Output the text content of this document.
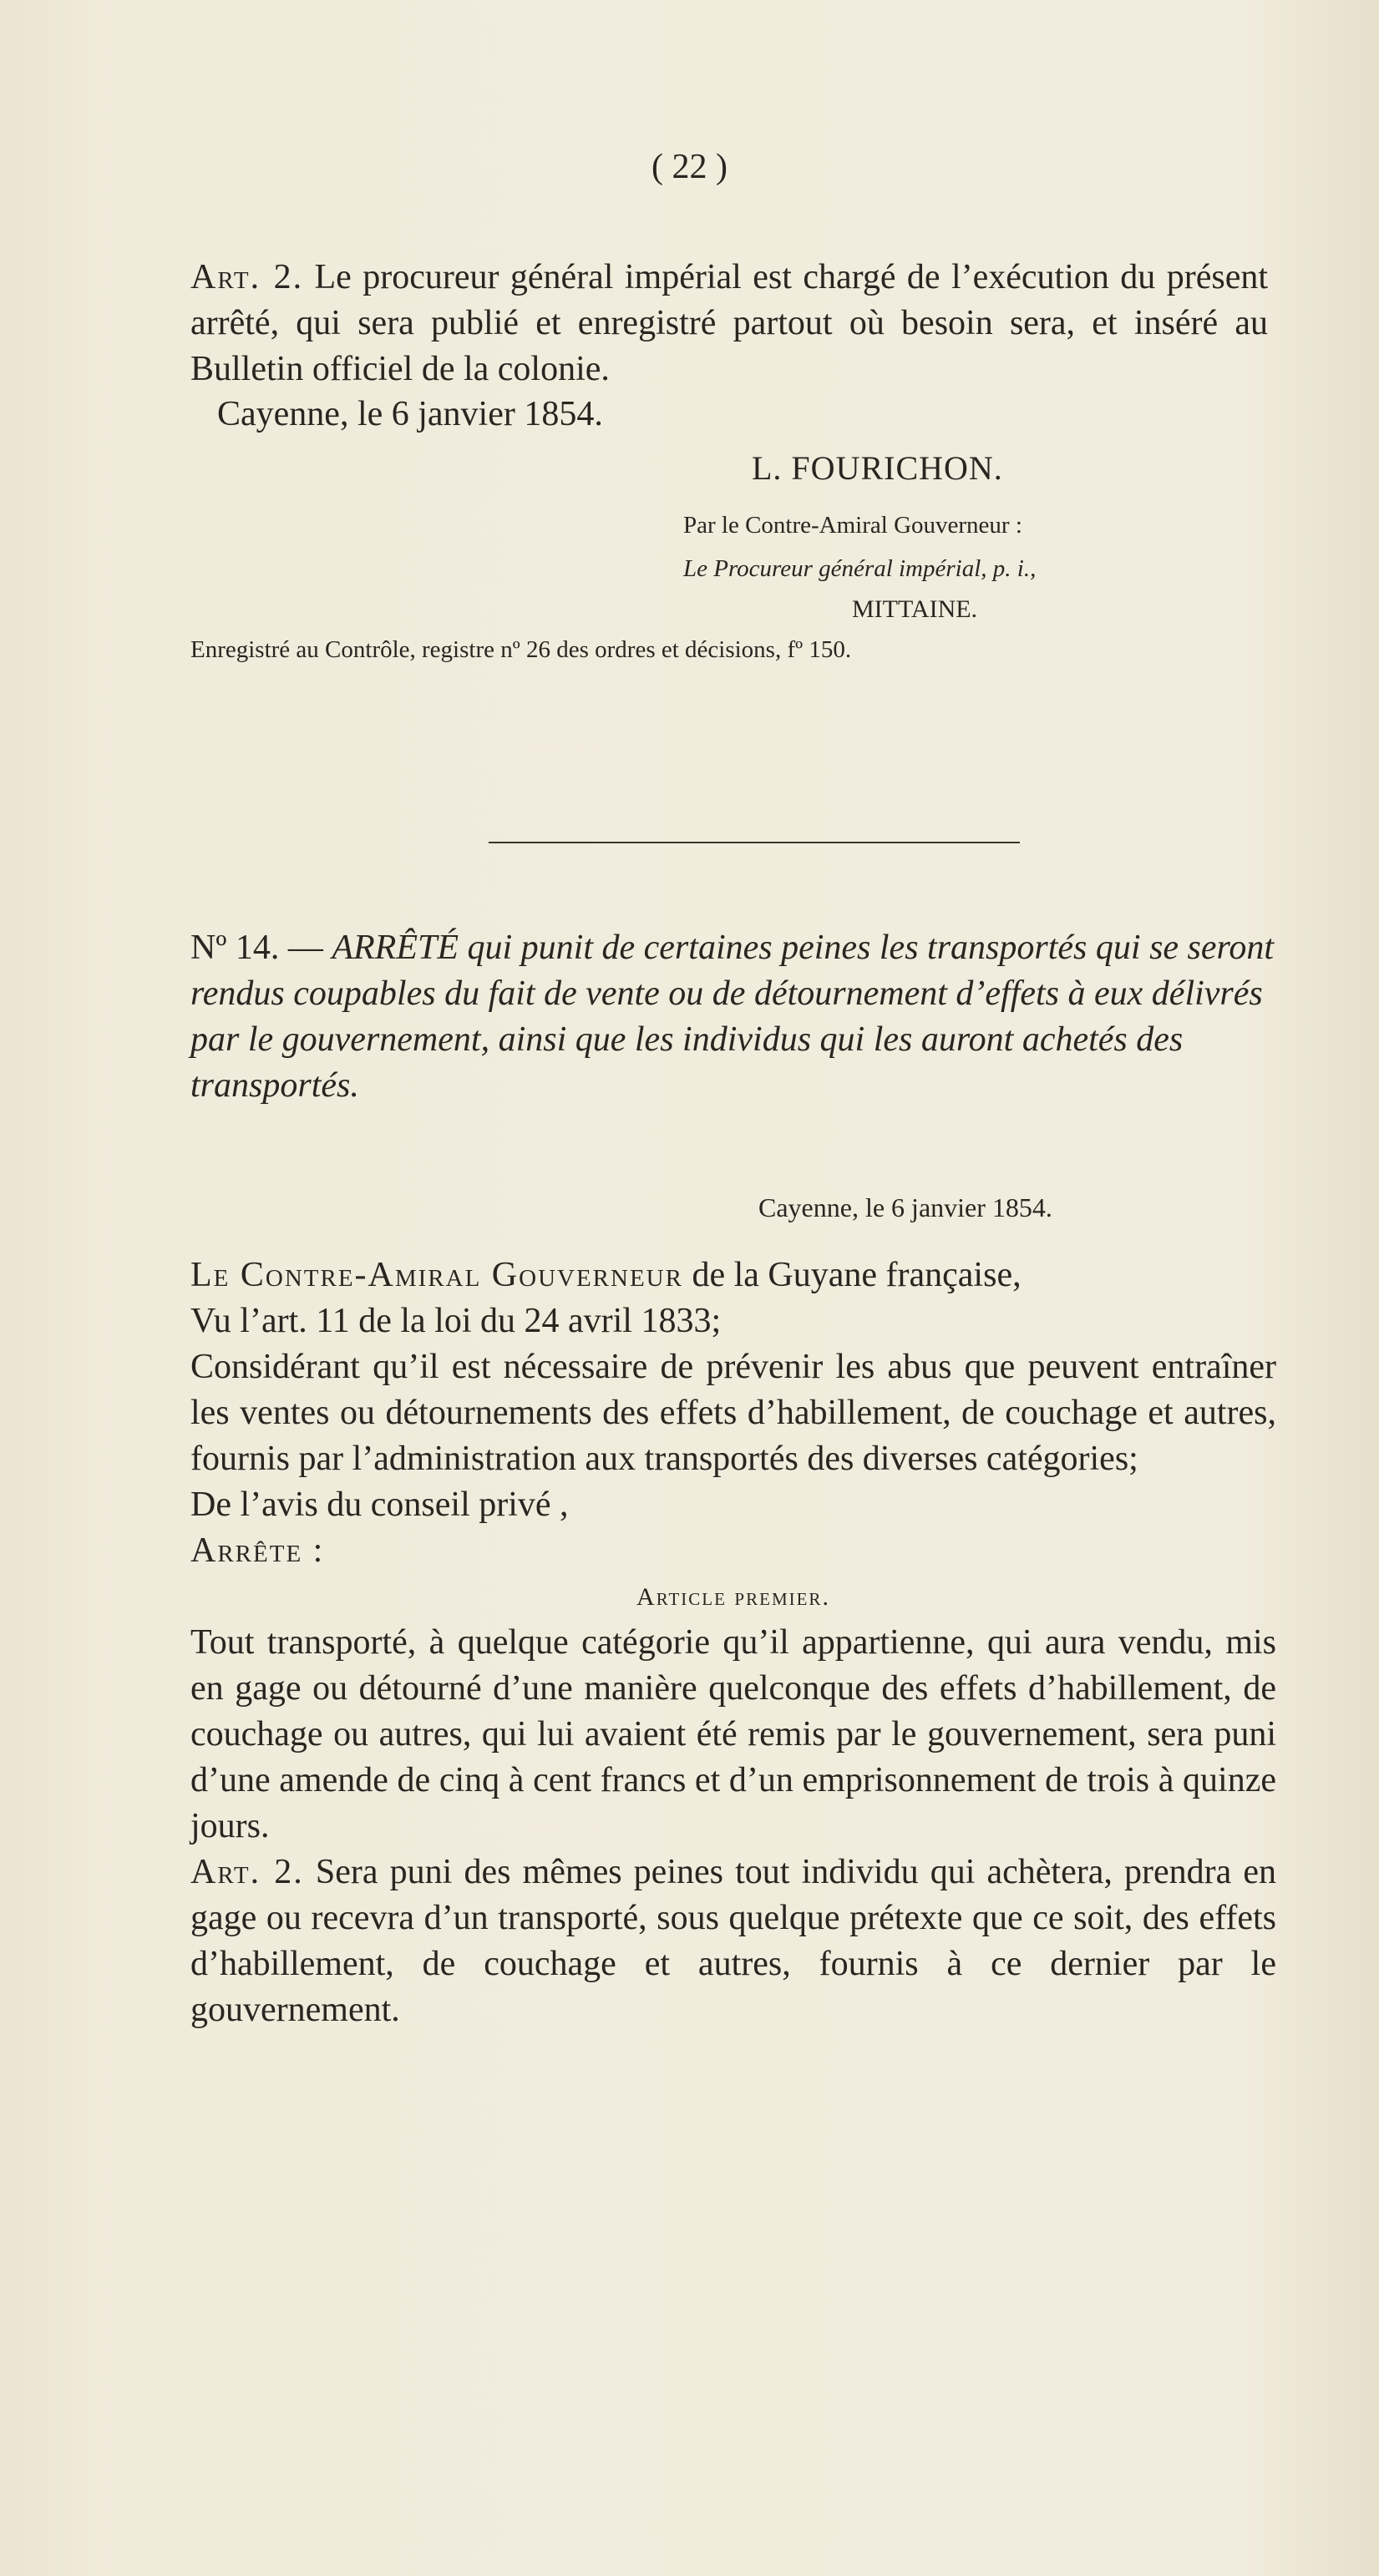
( 22 )

Art. 2. Le procureur général impérial est chargé de l’exécution du présent arrêté, qui sera publié et enregistré partout où besoin sera, et inséré au Bulletin officiel de la colonie.

Cayenne, le 6 janvier 1854.
L. FOURICHON.
Par le Contre-Amiral Gouverneur :
Le Procureur général impérial, p. i.,
MITTAINE.
Enregistré au Contrôle, registre nº 26 des ordres et décisions, fº 150.
Nº 14. — ARRÊTÉ qui punit de certaines peines les transportés qui se seront rendus coupables du fait de vente ou de détournement d’effets à eux délivrés par le gouvernement, ainsi que les individus qui les auront achetés des transportés.
Cayenne, le 6 janvier 1854.

Le Contre-Amiral Gouverneur de la Guyane française,

Vu l’art. 11 de la loi du 24 avril 1833;

Considérant qu’il est nécessaire de prévenir les abus que peuvent entraîner les ventes ou détournements des effets d’habillement, de couchage et autres, fournis par l’administration aux transportés des diverses catégories;

De l’avis du conseil privé ,

Arrête :

Article premier.

Tout transporté, à quelque catégorie qu’il appartienne, qui aura vendu, mis en gage ou détourné d’une manière quelconque des effets d’habillement, de couchage ou autres, qui lui avaient été remis par le gouvernement, sera puni d’une amende de cinq à cent francs et d’un emprisonnement de trois à quinze jours.

Art. 2. Sera puni des mêmes peines tout individu qui achètera, prendra en gage ou recevra d’un transporté, sous quelque prétexte que ce soit, des effets d’habillement, de couchage et autres, fournis à ce dernier par le gouvernement.
